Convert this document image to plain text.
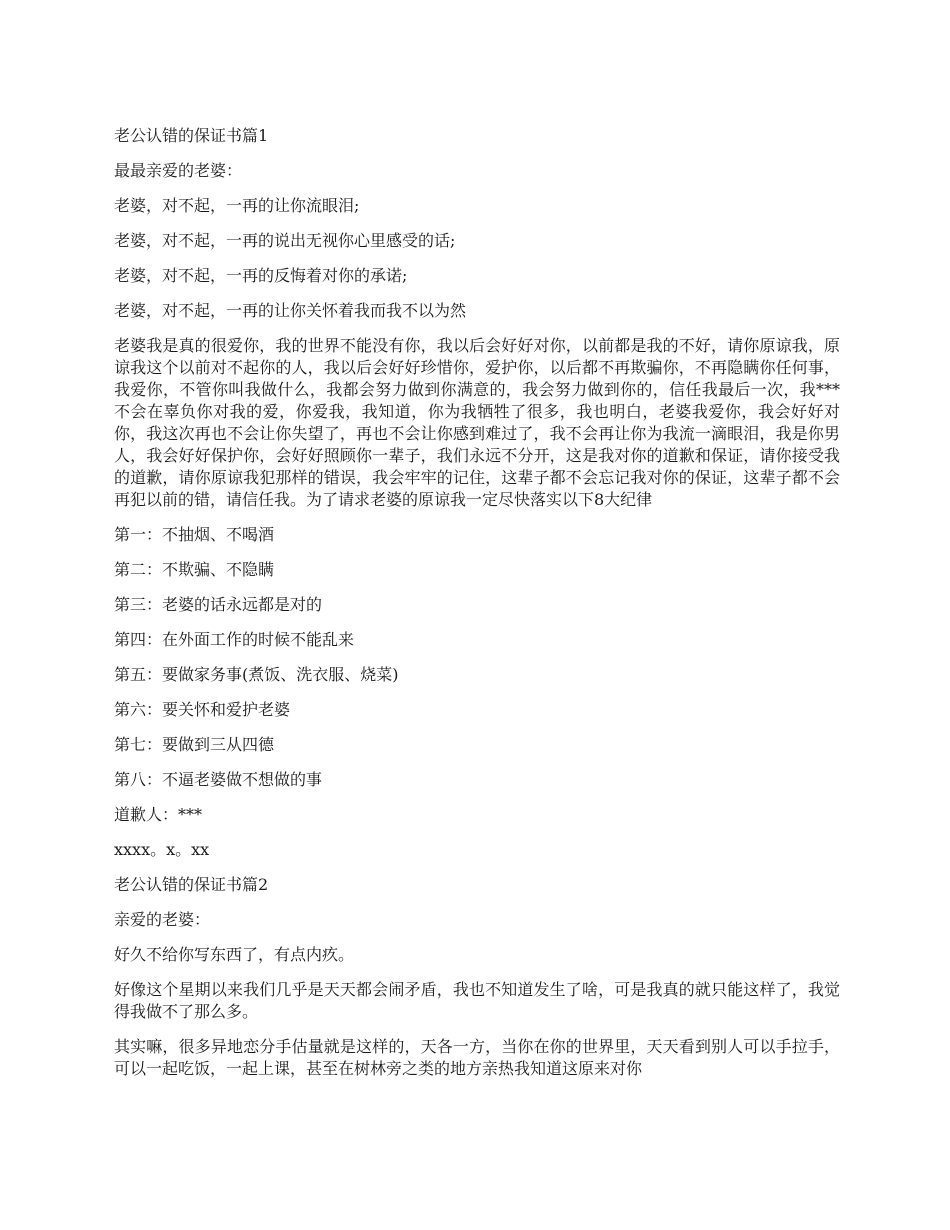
老公认错的保证书篇1

最最亲爱的老婆：

老婆，对不起，一再的让你流眼泪;

老婆，对不起，一再的说出无视你心里感受的话;

老婆，对不起，一再的反悔着对你的承诺;

老婆，对不起，一再的让你关怀着我而我不以为然

老婆我是真的很爱你，我的世界不能没有你，我以后会好好对你，以前都是我的不好，请你原谅我，原谅我这个以前对不起你的人，我以后会好好珍惜你，爱护你，以后都不再欺骗你，不再隐瞒你任何事，我爱你，不管你叫我做什么，我都会努力做到你满意的，我会努力做到你的，信任我最后一次，我***不会在辜负你对我的爱，你爱我，我知道，你为我牺牲了很多，我也明白，老婆我爱你，我会好好对你，我这次再也不会让你失望了，再也不会让你感到难过了，我不会再让你为我流一滴眼泪，我是你男人，我会好好保护你，会好好照顾你一辈子，我们永远不分开，这是我对你的道歉和保证，请你接受我的道歉，请你原谅我犯那样的错误，我会牢牢的记住，这辈子都不会忘记我对你的保证，这辈子都不会再犯以前的错，请信任我。为了请求老婆的原谅我一定尽快落实以下8大纪律

第一：不抽烟、不喝酒

第二：不欺骗、不隐瞒

第三：老婆的话永远都是对的

第四：在外面工作的时候不能乱来

第五：要做家务事(煮饭、洗衣服、烧菜)

第六：要关怀和爱护老婆

第七：要做到三从四德

第八：不逼老婆做不想做的事

道歉人：***

xxxx。x。xx

老公认错的保证书篇2

亲爱的老婆：

好久不给你写东西了，有点内疚。

好像这个星期以来我们几乎是天天都会闹矛盾，我也不知道发生了啥，可是我真的就只能这样了，我觉得我做不了那么多。

其实嘛，很多异地恋分手估量就是这样的，天各一方，当你在你的世界里，天天看到别人可以手拉手，可以一起吃饭，一起上课，甚至在树林旁之类的地方亲热我知道这原来对你
